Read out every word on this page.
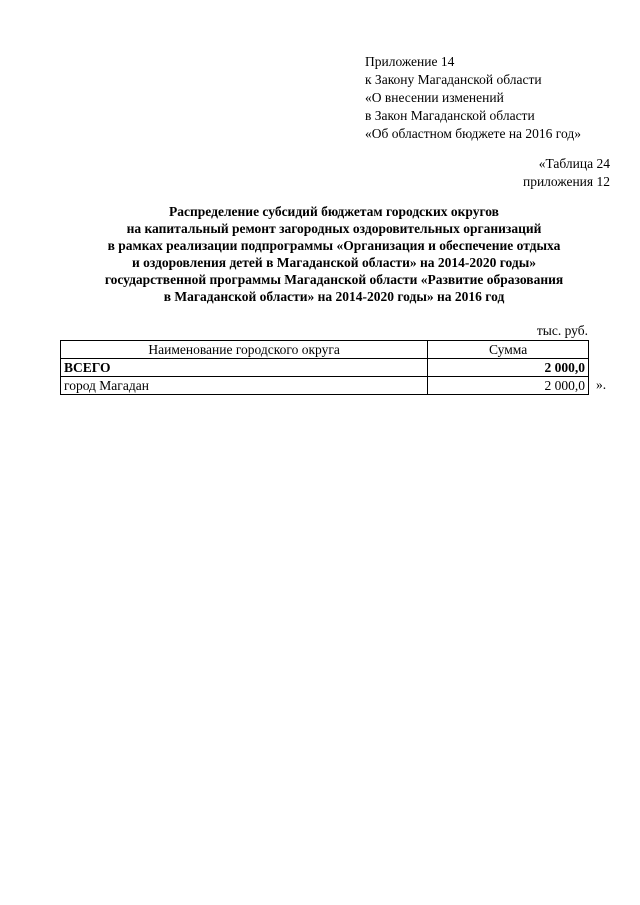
Приложение 14
к Закону Магаданской области
«О внесении изменений
в Закон Магаданской области
«Об областном бюджете на 2016 год»
«Таблица 24
приложения 12
Распределение субсидий бюджетам городских округов
на капитальный ремонт загородных оздоровительных организаций
в рамках реализации подпрограммы «Организация и обеспечение отдыха
и оздоровления детей в Магаданской области» на 2014-2020 годы»
государственной программы Магаданской области «Развитие образования
в Магаданской области» на 2014-2020 годы» на 2016 год
тыс. руб.
Наименование городского округа	Сумма
ВСЕГО	2 000,0
город Магадан	2 000,0 ».
